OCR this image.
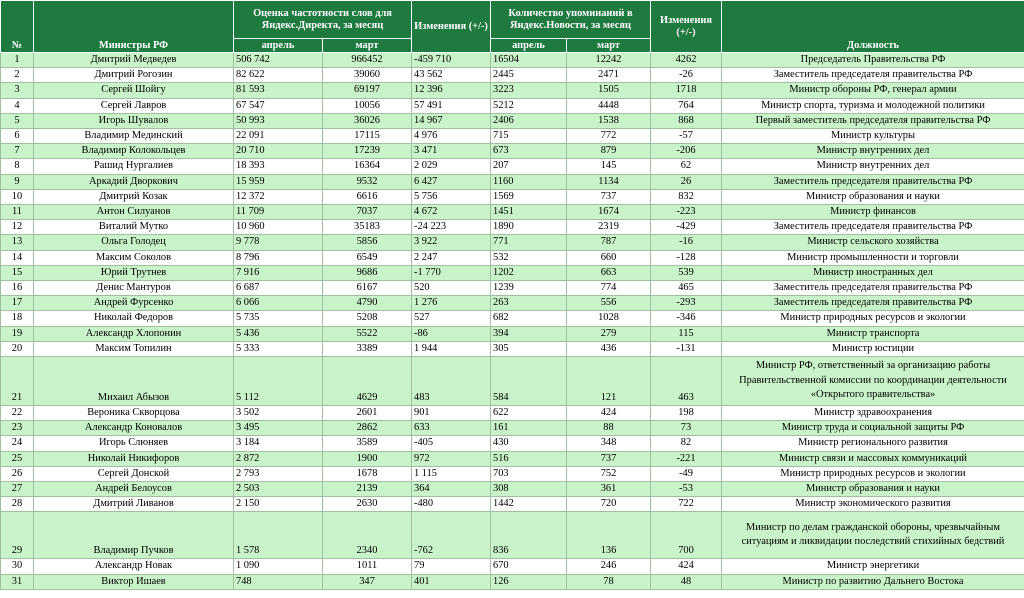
№	Министры РФ	Оценка частотности слов для Яндекс.Директа, за месяц		Изменения (+/-)	Количество упоминаний в Яндекс.Новости, за месяц		Изменения (+/-)	Должность
		апрель	март		апрель	март		
1	Дмитрий Медведев	506 742	966452	-459 710	16504	12242	4262	Председатель Правительства РФ
2	Дмитрий Рогозин	82 622	39060	43 562	2445	2471	-26	Заместитель председателя правительства РФ
3	Сергей Шойгу	81 593	69197	12 396	3223	1505	1718	Министр обороны РФ, генерал армии
4	Сергей Лавров	67 547	10056	57 491	5212	4448	764	Министр спорта, туризма и молодежной политики
5	Игорь Шувалов	50 993	36026	14 967	2406	1538	868	Первый заместитель председателя правительства РФ
6	Владимир Мединский	22 091	17115	4 976	715	772	-57	Министр культуры
7	Владимир Колокольцев	20 710	17239	3 471	673	879	-206	Министр внутренних дел
8	Рашид Нургалиев	18 393	16364	2 029	207	145	62	Министр внутренних дел
9	Аркадий Дворкович	15 959	9532	6 427	1160	1134	26	Заместитель председателя правительства РФ
10	Дмитрий Козак	12 372	6616	5 756	1569	737	832	Министр образования и науки
11	Антон Силуанов	11 709	7037	4 672	1451	1674	-223	Министр финансов
12	Виталий Мутко	10 960	35183	-24 223	1890	2319	-429	Заместитель председателя правительства РФ
13	Ольга Голодец	9 778	5856	3 922	771	787	-16	Министр сельского хозяйства
14	Максим Соколов	8 796	6549	2 247	532	660	-128	Министр промышленности и торговли
15	Юрий Трутнев	7 916	9686	-1 770	1202	663	539	Министр иностранных дел
16	Денис Мантуров	6 687	6167	520	1239	774	465	Заместитель председателя правительства РФ
17	Андрей Фурсенко	6 066	4790	1 276	263	556	-293	Заместитель председателя правительства РФ
18	Николай Федоров	5 735	5208	527	682	1028	-346	Министр природных ресурсов и экологии
19	Александр Хлопонин	5 436	5522	-86	394	279	115	Министр транспорта
20	Максим Топилин	5 333	3389	1 944	305	436	-131	Министр юстиции
21	Михаил Абызов	5 112	4629	483	584	121	463	Министр РФ, ответственный за организацию работы Правительственной комиссии по координации деятельности «Открытого правительства»
22	Вероника Скворцова	3 502	2601	901	622	424	198	Министр здравоохранения
23	Александр Коновалов	3 495	2862	633	161	88	73	Министр труда и социальной защиты РФ
24	Игорь Слюняев	3 184	3589	-405	430	348	82	Министр регионального развития
25	Николай Никифоров	2 872	1900	972	516	737	-221	Министр связи и массовых коммуникаций
26	Сергей Донской	2 793	1678	1 115	703	752	-49	Министр природных ресурсов и экологии
27	Андрей Белоусов	2 503	2139	364	308	361	-53	Министр образования и науки
28	Дмитрий Ливанов	2 150	2630	-480	1442	720	722	Министр экономического развития
29	Владимир Пучков	1 578	2340	-762	836	136	700	Министр по делам гражданской обороны, чрезвычайным ситуациям и ликвидации последствий стихийных бедствий
30	Александр Новак	1 090	1011	79	670	246	424	Министр энергетики
31	Виктор Ишаев	748	347	401	126	78	48	Министр по развитию Дальнего Востока
